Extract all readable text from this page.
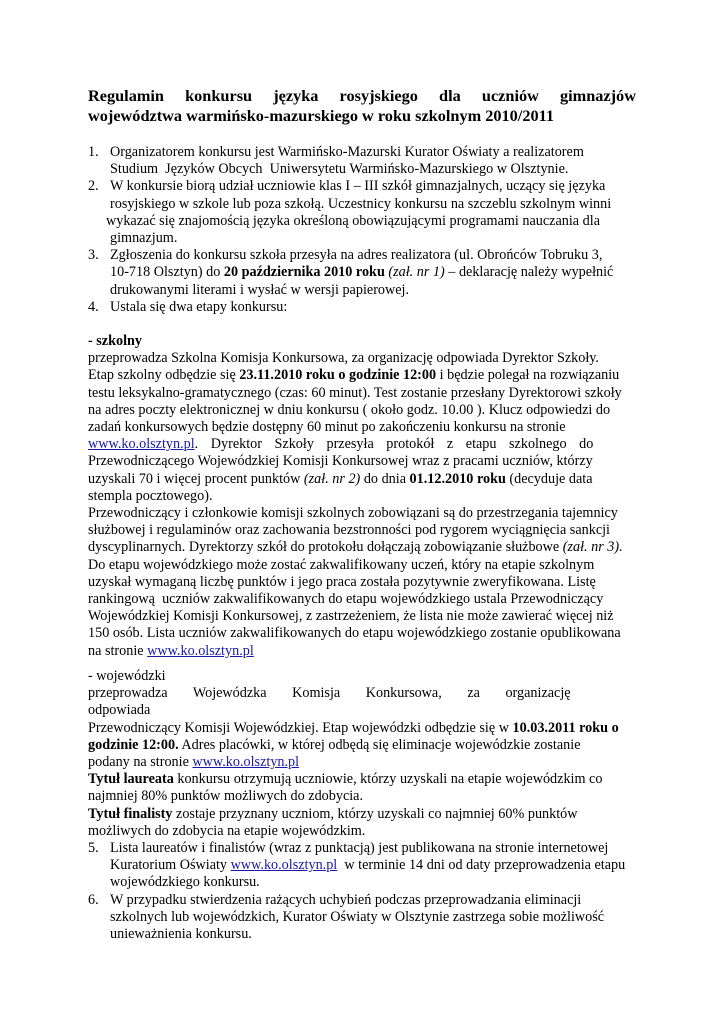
Regulamin konkursu języka rosyjskiego dla uczniów gimnazjów
województwa warmińsko-mazurskiego w roku szkolnym 2010/2011
1. Organizatorem konkursu jest Warmińsko-Mazurski Kurator Oświaty a realizatorem
Studium  Języków Obcych  Uniwersytetu Warmińsko-Mazurskiego w Olsztynie.
2. W konkursie biorą udział uczniowie klas I – III szkół gimnazjalnych, uczący się języka
rosyjskiego w szkole lub poza szkołą. Uczestnicy konkursu na szczeblu szkolnym winni
wykazać się znajomością języka określoną obowiązującymi programami nauczania dla
gimnazjum.
3. Zgłoszenia do konkursu szkoła przesyła na adres realizatora (ul. Obrońców Tobruku 3,
10-718 Olsztyn) do 20 października 2010 roku (zał. nr 1) – deklarację należy wypełnić
drukowanymi literami i wysłać w wersji papierowej.
4. Ustala się dwa etapy konkursu:
- szkolny
przeprowadza Szkolna Komisja Konkursowa, za organizację odpowiada Dyrektor Szkoły.
Etap szkolny odbędzie się 23.11.2010 roku o godzinie 12:00 i będzie polegał na rozwiązaniu
testu leksykalno-gramatycznego (czas: 60 minut). Test zostanie przesłany Dyrektorowi szkoły
na adres poczty elektronicznej w dniu konkursu ( około godz. 10.00 ). Klucz odpowiedzi do
zadań konkursowych będzie dostępny 60 minut po zakończeniu konkursu na stronie
www.ko.olsztyn.pl. Dyrektor Szkoły przesyła protokół z etapu szkolnego do
Przewodniczącego Wojewódzkiej Komisji Konkursowej wraz z pracami uczniów, którzy
uzyskali 70 i więcej procent punktów (zał. nr 2) do dnia 01.12.2010 roku (decyduje data
stempla pocztowego).
Przewodniczący i członkowie komisji szkolnych zobowiązani są do przestrzegania tajemnicy
służbowej i regulaminów oraz zachowania bezstronności pod rygorem wyciągnięcia sankcji
dyscyplinarnych. Dyrektorzy szkół do protokołu dołączają zobowiązanie służbowe (zał. nr 3).
Do etapu wojewódzkiego może zostać zakwalifikowany uczeń, który na etapie szkolnym
uzyskał wymaganą liczbę punktów i jego praca została pozytywnie zweryfikowana. Listę
rankingową  uczniów zakwalifikowanych do etapu wojewódzkiego ustala Przewodniczący
Wojewódzkiej Komisji Konkursowej, z zastrzeżeniem, że lista nie może zawierać więcej niż
150 osób. Lista uczniów zakwalifikowanych do etapu wojewódzkiego zostanie opublikowana
na stronie www.ko.olsztyn.pl
- wojewódzki
przeprowadza Wojewódzka Komisja Konkursowa, za organizację odpowiada
Przewodniczący Komisji Wojewódzkiej. Etap wojewódzki odbędzie się w 10.03.2011 roku o
godzinie 12:00. Adres placówki, w której odbędą się eliminacje wojewódzkie zostanie
podany na stronie www.ko.olsztyn.pl
Tytuł laureata konkursu otrzymują uczniowie, którzy uzyskali na etapie wojewódzkim co
najmniej 80% punktów możliwych do zdobycia.
Tytuł finalisty zostaje przyznany uczniom, którzy uzyskali co najmniej 60% punktów
możliwych do zdobycia na etapie wojewódzkim.
5. Lista laureatów i finalistów (wraz z punktacją) jest publikowana na stronie internetowej
Kuratorium Oświaty www.ko.olsztyn.pl  w terminie 14 dni od daty przeprowadzenia etapu
wojewódzkiego konkursu.
6. W przypadku stwierdzenia rażących uchybień podczas przeprowadzania eliminacji
szkolnych lub wojewódzkich, Kurator Oświaty w Olsztynie zastrzega sobie możliwość
unieważnienia konkursu.
